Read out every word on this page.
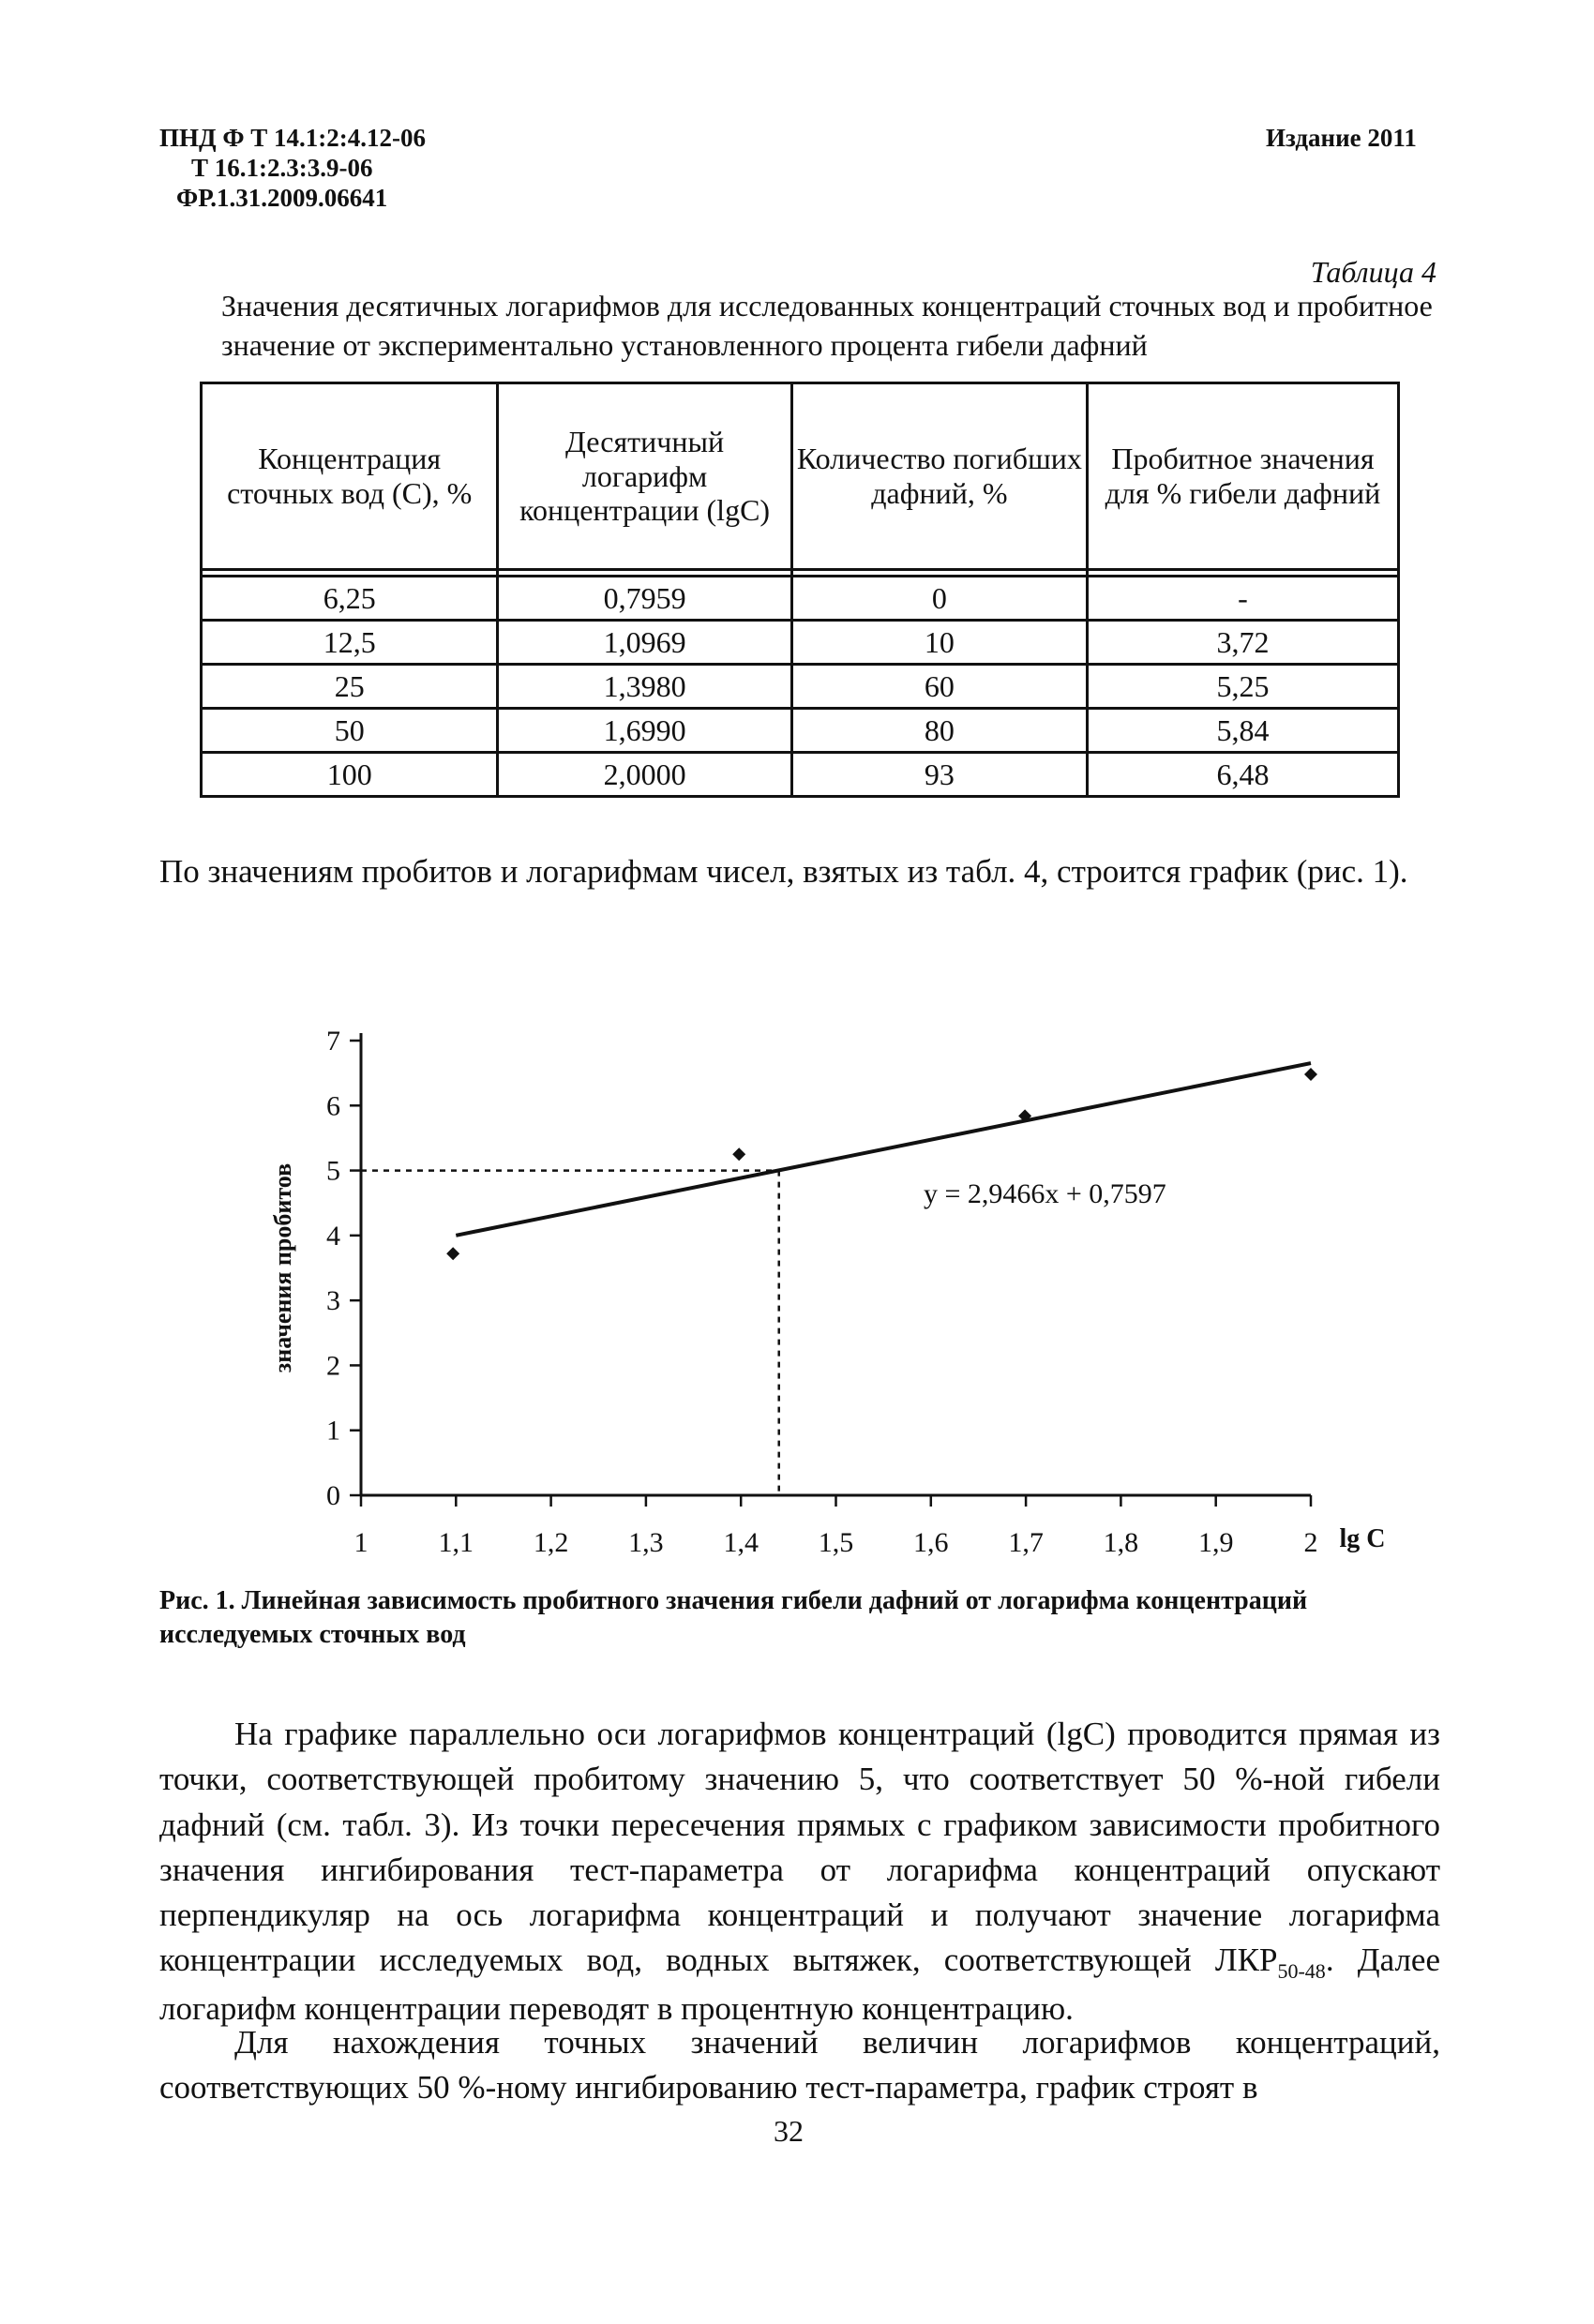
ПНД Ф Т 14.1:2:4.12-06
Т 16.1:2.3:3.9-06
ФР.1.31.2009.06641
Издание 2011
Таблица 4
Значения десятичных логарифмов для исследованных концентраций сточных вод и пробитное значение от экспериментально установленного процента гибели дафний
Концентрация сточных вод (С), %	Десятичный логарифм концентрации (lgC)	Количество погибших дафний, %	Пробитное значения для % гибели дафний

6,25	0,7959	0	-
12,5	1,0969	10	3,72
25	1,3980	60	5,25
50	1,6990	80	5,84
100	2,0000	93	6,48
По значениям пробитов и логарифмам чисел, взятых из табл. 4, строится график (рис. 1).
0
1
2
3
4
5
6
7
1	1,1 1,2 1,3 1,4 1,5 1,6 1,7 1,8 1,9	2 lg C
значения пробитов	y = 2,9466x + 0,7597
Рис. 1. Линейная зависимость пробитного значения гибели дафний от логарифма концентраций исследуемых сточных вод
На графике параллельно оси логарифмов концентраций (lgC) проводится прямая из точки, соответствующей пробитому значению 5, что соответствует 50 %-ной гибели дафний (см. табл. 3). Из точки пересечения прямых с графиком зависимости пробитного значения ингибирования тест-параметра от логарифма концентраций опускают перпендикуляр на ось логарифма концентраций и получают значение логарифма концентрации исследуемых вод, водных вытяжек, соответствующей $ЛКР_{50-48}$. Далее логарифм концентрации переводят в процентную концентрацию.
Для нахождения точных значений величин логарифмов концентраций, соответствующих 50 %-ному ингибированию тест-параметра, график строят в
32
